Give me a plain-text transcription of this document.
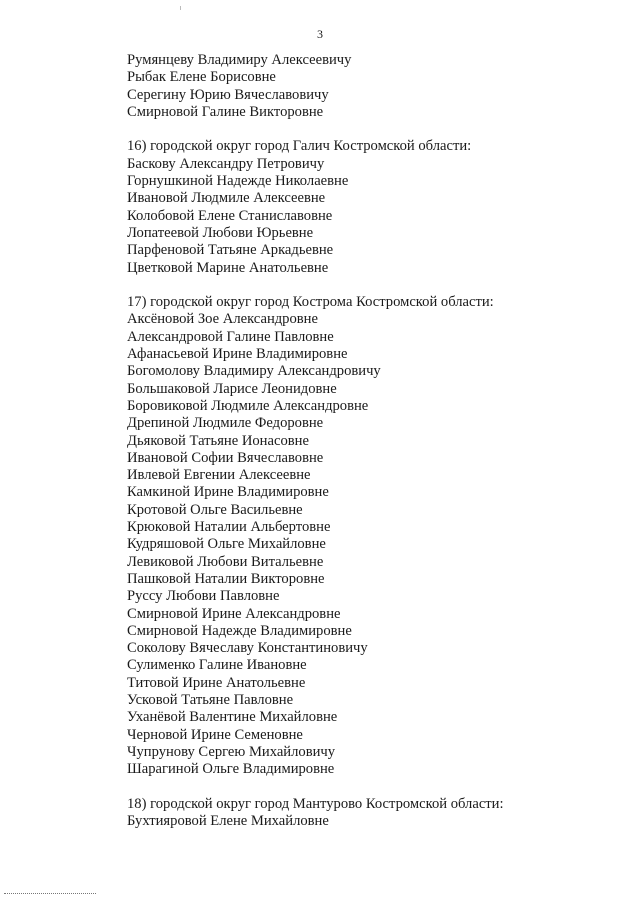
3
Румянцеву Владимиру Алексеевичу
Рыбак Елене Борисовне
Серегину Юрию Вячеславовичу
Смирновой Галине Викторовне
16) городской округ город Галич Костромской области:
Баскову Александру Петровичу
Горнушкиной Надежде Николаевне
Ивановой Людмиле Алексеевне
Колобовой Елене Станиславовне
Лопатеевой Любови Юрьевне
Парфеновой Татьяне Аркадьевне
Цветковой Марине Анатольевне
17) городской округ город Кострома Костромской области:
Аксёновой Зое Александровне
Александровой Галине Павловне
Афанасьевой Ирине Владимировне
Богомолову Владимиру Александровичу
Большаковой Ларисе Леонидовне
Боровиковой Людмиле Александровне
Дрепиной Людмиле Федоровне
Дьяковой Татьяне Ионасовне
Ивановой Софии Вячеславовне
Ивлевой Евгении Алексеевне
Камкиной Ирине Владимировне
Кротовой Ольге Васильевне
Крюковой Наталии Альбертовне
Кудряшовой Ольге Михайловне
Левиковой Любови Витальевне
Пашковой Наталии Викторовне
Руссу Любови Павловне
Смирновой Ирине Александровне
Смирновой Надежде Владимировне
Соколову Вячеславу Константиновичу
Сулименко Галине Ивановне
Титовой Ирине Анатольевне
Усковой Татьяне Павловне
Уханёвой Валентине Михайловне
Черновой Ирине Семеновне
Чупрунову Сергею Михайловичу
Шарагиной Ольге Владимировне
18) городской округ город Мантурово Костромской области:
Бухтияровой Елене Михайловне
